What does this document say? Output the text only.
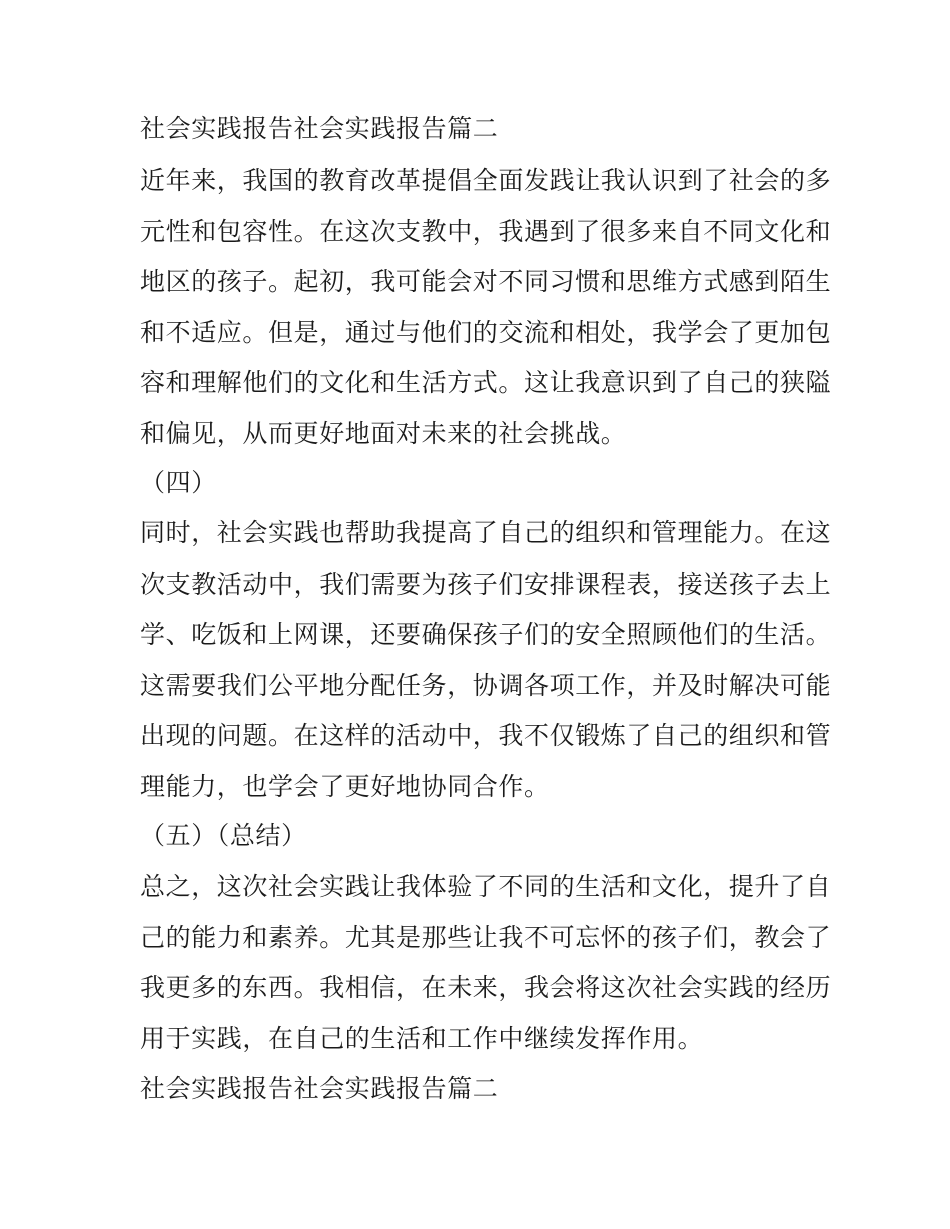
社会实践报告社会实践报告篇二

近年来，我国的教育改革提倡全面发践让我认识到了社会的多

元性和包容性。在这次支教中，我遇到了很多来自不同文化和

地区的孩子。起初，我可能会对不同习惯和思维方式感到陌生

和不适应。但是，通过与他们的交流和相处，我学会了更加包

容和理解他们的文化和生活方式。这让我意识到了自己的狭隘

和偏见，从而更好地面对未来的社会挑战。

（四）

同时，社会实践也帮助我提高了自己的组织和管理能力。在这

次支教活动中，我们需要为孩子们安排课程表，接送孩子去上

学、吃饭和上网课，还要确保孩子们的安全照顾他们的生活。

这需要我们公平地分配任务，协调各项工作，并及时解决可能

出现的问题。在这样的活动中，我不仅锻炼了自己的组织和管

理能力，也学会了更好地协同合作。

（五）（总结）

总之，这次社会实践让我体验了不同的生活和文化，提升了自

己的能力和素养。尤其是那些让我不可忘怀的孩子们，教会了

我更多的东西。我相信，在未来，我会将这次社会实践的经历

用于实践，在自己的生活和工作中继续发挥作用。

社会实践报告社会实践报告篇二
